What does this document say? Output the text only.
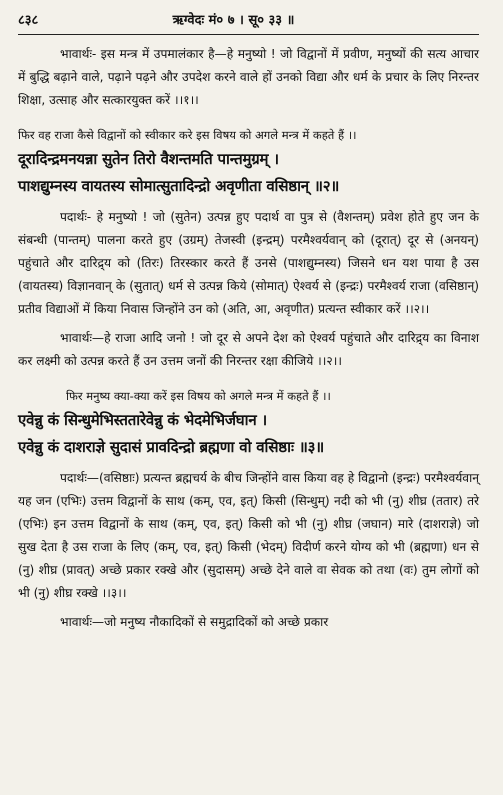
८३८	ऋग्वेदः मं० ७ । सू० ३३ ॥

भावार्थः- इस मन्त्र में उपमालंकार है—हे मनुष्यो ! जो विद्वानों में प्रवीण, मनुष्यों की सत्य आचार में बुद्धि बढ़ाने वाले, पढ़ाने पढ़ने और उपदेश करने वाले हों उनको विद्या और धर्म के प्रचार के लिए निरन्तर शिक्षा, उत्साह और सत्कारयुक्त करें ।।१।।

फिर वह राजा कैसे विद्वानों को स्वीकार करे इस विषय को अगले मन्त्र में कहते हैं ।।

दूरादिन्द्रमनयन्ना सुतेन तिरो वैशन्तमति पान्तमुग्रम् ।

पाशद्युम्नस्य वायतस्य सोमात्सुतादिन्द्रो अवृणीता वसिष्ठान् ॥२॥

पदार्थः- हे मनुष्यो ! जो (सुतेन) उत्पन्न हुए पदार्थ वा पुत्र से (वैशन्तम्) प्रवेश होते हुए जन के संबन्धी (पान्तम्) पालना करते हुए (उग्रम्) तेजस्वी (इन्द्रम्) परमैश्वर्यवान् को (दूरात्) दूर से (अनयन्) पहुंचाते और दारिद्र्य को (तिरः) तिरस्कार करते हैं उनसे (पाशद्युम्नस्य) जिसने धन यश पाया है उस (वायतस्य) विज्ञानवान् के (सुतात्) धर्म से उत्पन्न किये (सोमात्) ऐश्वर्य से (इन्द्रः) परमैश्वर्य राजा (वसिष्ठान्) प्रतीव विद्याओं में किया निवास जिन्होंने उन को (अति, आ, अवृणीत) प्रत्यन्त स्वीकार करें ।।२।।

भावार्थः—हे राजा आदि जनो ! जो दूर से अपने देश को ऐश्वर्य पहुंचाते और दारिद्र्य का विनाश कर लक्ष्मी को उत्पन्न करते हैं उन उत्तम जनों की निरन्तर रक्षा कीजिये ।।२।।

फिर मनुष्य क्या-क्या करें इस विषय को अगले मन्त्र में कहते हैं ।।

एवेन्नु कं सिन्धुमेभिस्ततारेवेन्नु कं भेदमेभिर्जघान ।

एवेन्नु कं दाशराज्ञे सुदासं प्रावदिन्द्रो ब्रह्मणा वो वसिष्ठाः ॥३॥

पदार्थः—(वसिष्ठाः) प्रत्यन्त ब्रह्मचर्य के बीच जिन्होंने वास किया वह हे विद्वानो (इन्द्रः) परमैश्वर्यवान् यह जन (एभिः) उत्तम विद्वानों के साथ (कम्, एव, इत्) किसी (सिन्धुम्) नदी को भी (नु) शीघ्र (ततार) तरे (एभिः) इन उत्तम विद्वानों के साथ (कम्, एव, इत्) किसी को भी (नु) शीघ्र (जघान) मारे (दाशराज्ञे) जो सुख देता है उस राजा के लिए (कम्, एव, इत्) किसी (भेदम्) विदीर्ण करने योग्य को भी (ब्रह्मणा) धन से (नु) शीघ्र (प्रावत्) अच्छे प्रकार रक्खे और (सुदासम्) अच्छे देने वाले वा सेवक को तथा (वः) तुम लोगों को भी (नु) शीघ्र रक्खे ।।३।।

भावार्थः—जो मनुष्य नौकादिकों से समुद्रादिकों को अच्छे प्रकार
